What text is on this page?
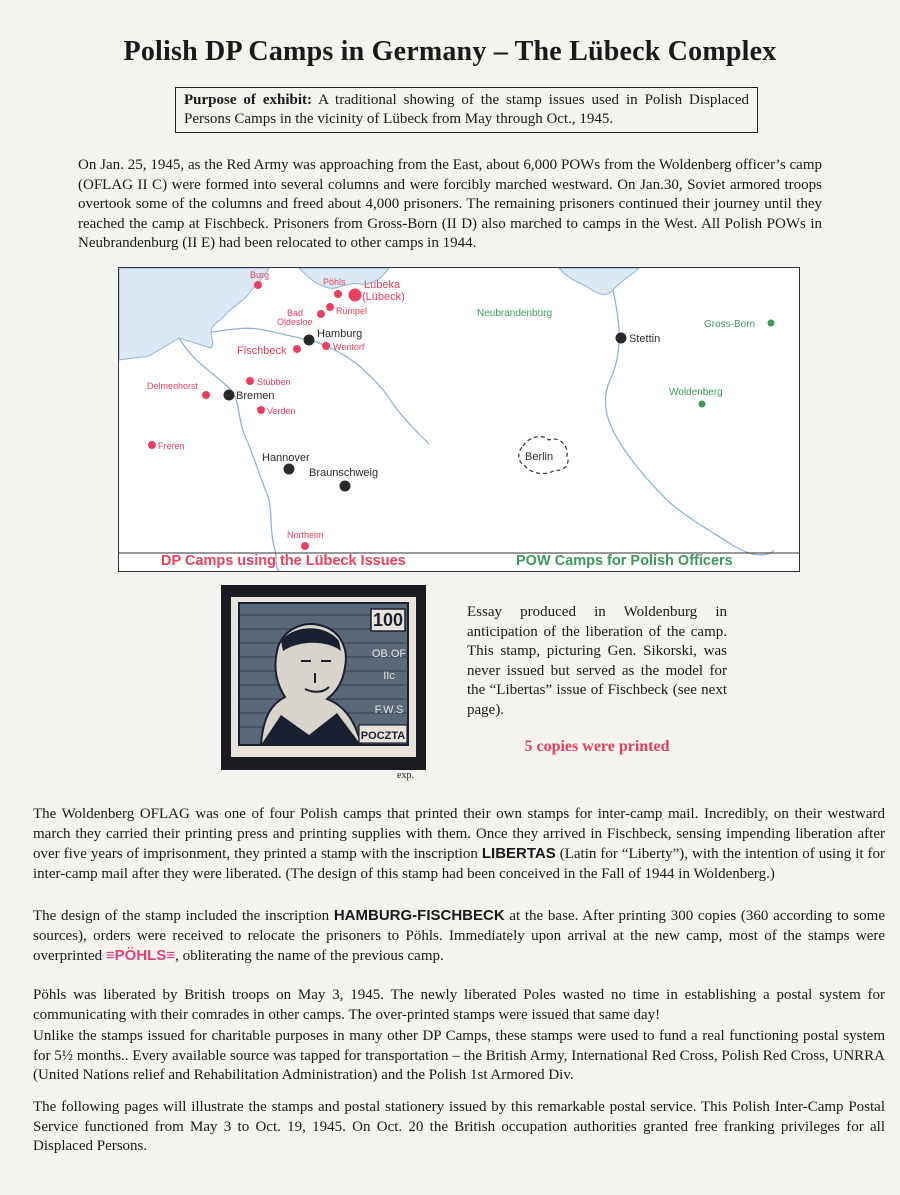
Polish DP Camps in Germany – The Lübeck Complex
Purpose of exhibit: A traditional showing of the stamp issues used in Polish Displaced Persons Camps in the vicinity of Lübeck from May through Oct., 1945.
On Jan. 25, 1945, as the Red Army was approaching from the East, about 6,000 POWs from the Woldenberg officer’s camp (OFLAG II C) were formed into several columns and were forcibly marched westward. On Jan.30, Soviet armored troops overtook some of the columns and freed about 4,000 prisoners. The remaining prisoners continued their journey until they reached the camp at Fischbeck. Prisoners from Gross-Born (II D) also marched to camps in the West. All Polish POWs in Neubrandenburg (II E) had been relocated to other camps in 1944.
Burg
Pöhls Lubeka
(Lübeck)
Rümpel
Bad
Oldesloe
Fischbeck	Wentorf
Stübben
Delmenhorst
Verden
Freren
Northeim
Neubrandenburg
Gross-Born
Woldenberg
Hamburg
Bremen
Stettin
Hannover
Braunschweig
Berlin
DP Camps using the Lübeck Issues	POW Camps for Polish Officers
100
OB.OF
IIc
F.W.S
POCZTA
exp.
Essay produced in Woldenburg in anticipation of the liberation of the camp. This stamp, picturing Gen. Sikorski, was never issued but served as the model for the “Libertas” issue of Fischbeck (see next page).
5 copies were printed
The Woldenberg OFLAG was one of four Polish camps that printed their own stamps for inter-camp mail. Incredibly, on their westward march they carried their printing press and printing supplies with them. Once they arrived in Fischbeck, sensing impending liberation after over five years of imprisonment, they printed a stamp with the inscription LIBERTAS (Latin for “Liberty”), with the intention of using it for inter-camp mail after they were liberated. (The design of this stamp had been conceived in the Fall of 1944 in Woldenberg.)
The design of the stamp included the inscription HAMBURG-FISCHBECK at the base. After printing 300 copies (360 according to some sources), orders were received to relocate the prisoners to Pöhls. Immediately upon arrival at the new camp, most of the stamps were overprinted ≡PÖHLS≡, obliterating the name of the previous camp.
Pöhls was liberated by British troops on May 3, 1945. The newly liberated Poles wasted no time in establishing a postal system for communicating with their comrades in other camps. The over-printed stamps were issued that same day!
Unlike the stamps issued for charitable purposes in many other DP Camps, these stamps were used to fund a real functioning postal system for 5½ months.. Every available source was tapped for transportation – the British Army, International Red Cross, Polish Red Cross, UNRRA (United Nations relief and Rehabilitation Administration) and the Polish 1st Armored Div.
The following pages will illustrate the stamps and postal stationery issued by this remarkable postal service. This Polish Inter-Camp Postal Service functioned from May 3 to Oct. 19, 1945. On Oct. 20 the British occupation authorities granted free franking privileges for all Displaced Persons.
